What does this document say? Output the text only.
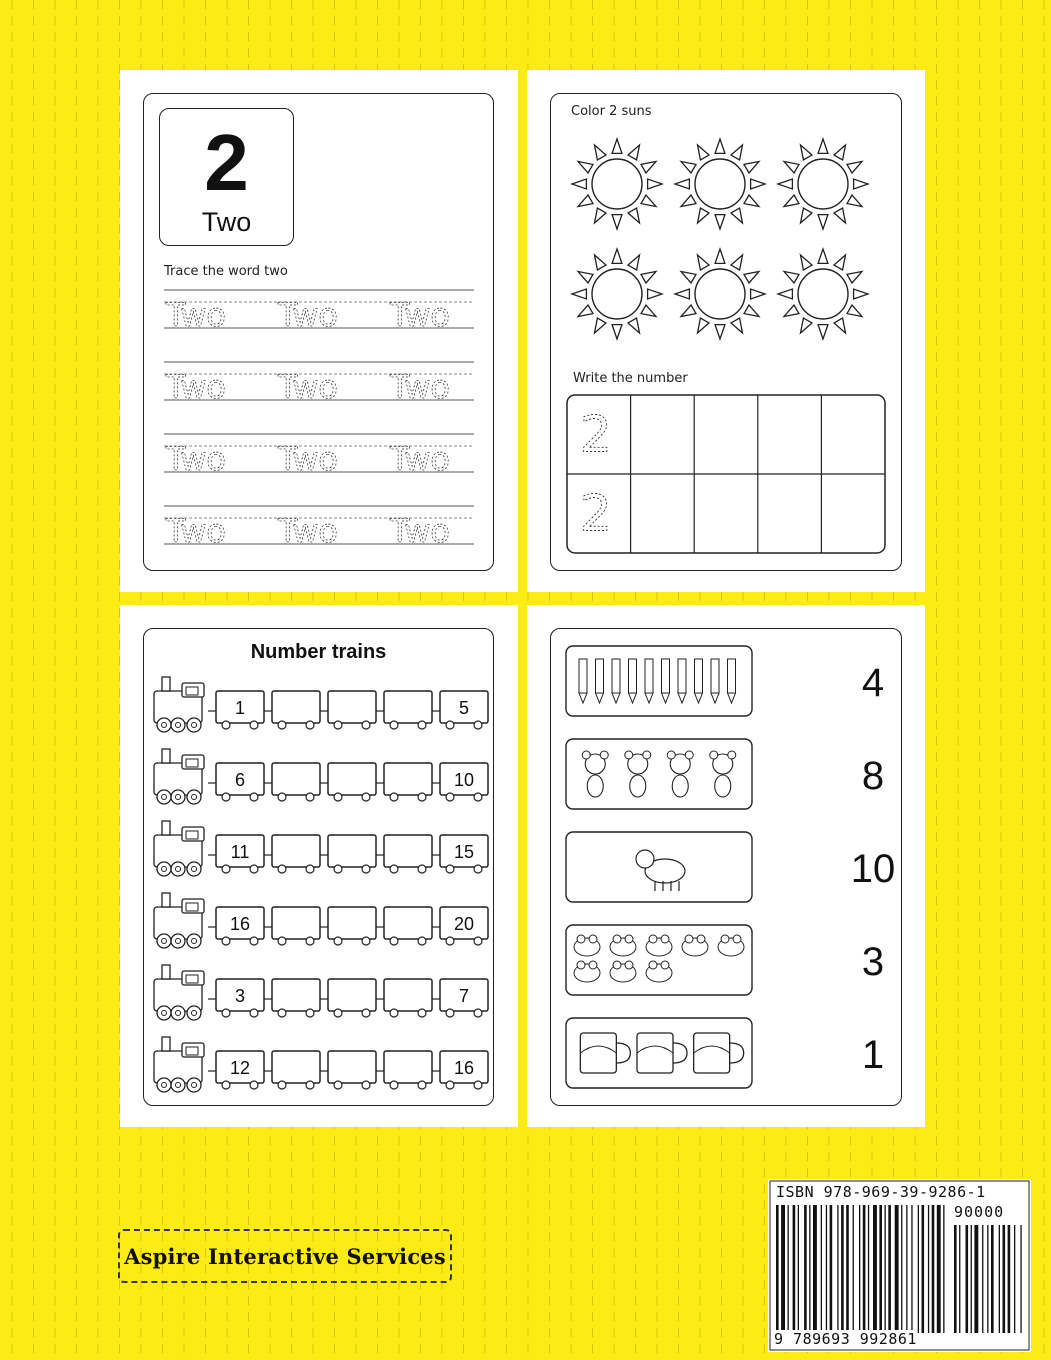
2
Two
Trace the word two
Two Two Two
Two Two Two
Two Two Two
Two Two Two
Color 2 suns
Write the number
2
2
Number trains
1	5
6	10
11	15
16	20
3	7
12	16
4
8
10
3
1
Aspire Interactive Services
ISBN 978-969-39-9286-1
90000
9 789693 992861
